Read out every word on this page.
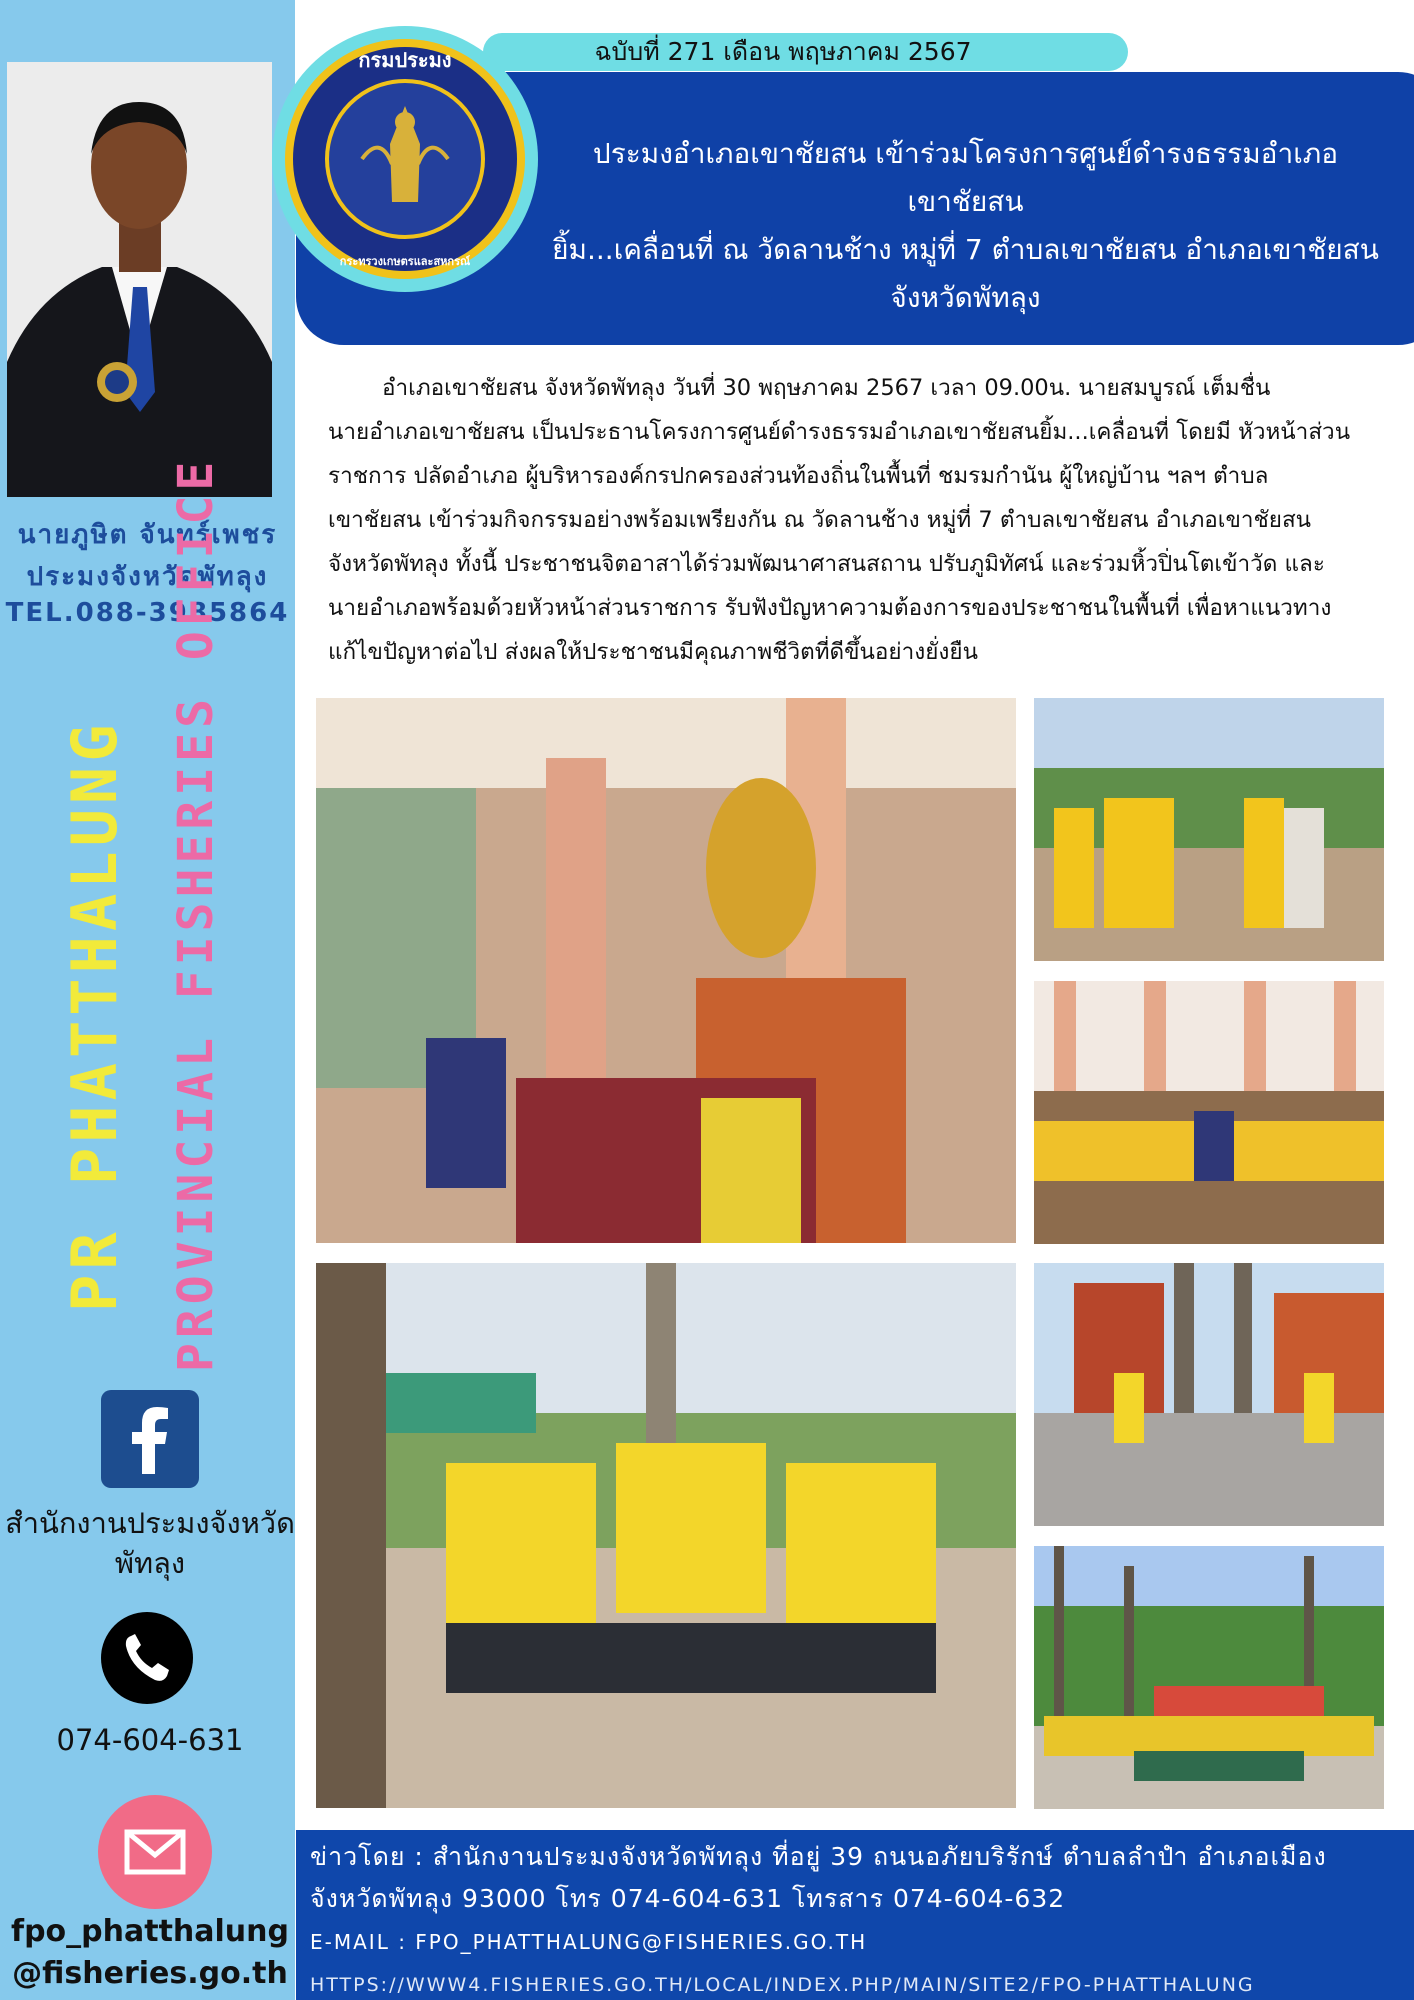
นายภูษิต จันทร์เพชร
ประมงจังหวัดพัทลุง
TEL.088-3985864
PR PHATTHALUNG PROVINCIAL FISHERIES OFFICE
สำนักงานประมงจังหวัด
พัทลุง
074-604-631
fpo_phatthalung
@fisheries.go.th
ฉบับที่ 271 เดือน พฤษภาคม 2567
กรมประมง
กระทรวงเกษตรและสหกรณ์
ประมงอำเภอเขาชัยสน เข้าร่วมโครงการศูนย์ดำรงธรรมอำเภอเขาชัยสน
ยิ้ม...เคลื่อนที่ ณ วัดลานช้าง หมู่ที่ 7 ตำบลเขาชัยสน อำเภอเขาชัยสน
จังหวัดพัทลุง
อำเภอเขาชัยสน จังหวัดพัทลุง วันที่ 30 พฤษภาคม 2567 เวลา 09.00น. นายสมบูรณ์ เต็มชื่น
นายอำเภอเขาชัยสน เป็นประธานโครงการศูนย์ดำรงธรรมอำเภอเขาชัยสนยิ้ม...เคลื่อนที่ โดยมี หัวหน้าส่วน
ราชการ ปลัดอำเภอ ผู้บริหารองค์กรปกครองส่วนท้องถิ่นในพื้นที่ ชมรมกำนัน ผู้ใหญ่บ้าน ฯลฯ ตำบล
เขาชัยสน เข้าร่วมกิจกรรมอย่างพร้อมเพรียงกัน ณ วัดลานช้าง หมู่ที่ 7 ตำบลเขาชัยสน อำเภอเขาชัยสน
จังหวัดพัทลุง ทั้งนี้ ประชาชนจิตอาสาได้ร่วมพัฒนาศาสนสถาน ปรับภูมิทัศน์ และร่วมหิ้วปิ่นโตเข้าวัด และ
นายอำเภอพร้อมด้วยหัวหน้าส่วนราชการ รับฟังปัญหาความต้องการของประชาชนในพื้นที่ เพื่อหาแนวทาง
แก้ไขปัญหาต่อไป ส่งผลให้ประชาชนมีคุณภาพชีวิตที่ดีขึ้นอย่างยั่งยืน
ข่าวโดย : สำนักงานประมงจังหวัดพัทลุง ที่อยู่ 39 ถนนอภัยบริรักษ์ ตำบลลำปำ อำเภอเมือง
จังหวัดพัทลุง 93000 โทร 074-604-631 โทรสาร 074-604-632
E-MAIL : FPO_PHATTHALUNG@FISHERIES.GO.TH
HTTPS://WWW4.FISHERIES.GO.TH/LOCAL/INDEX.PHP/MAIN/SITE2/FPO-PHATTHALUNG
